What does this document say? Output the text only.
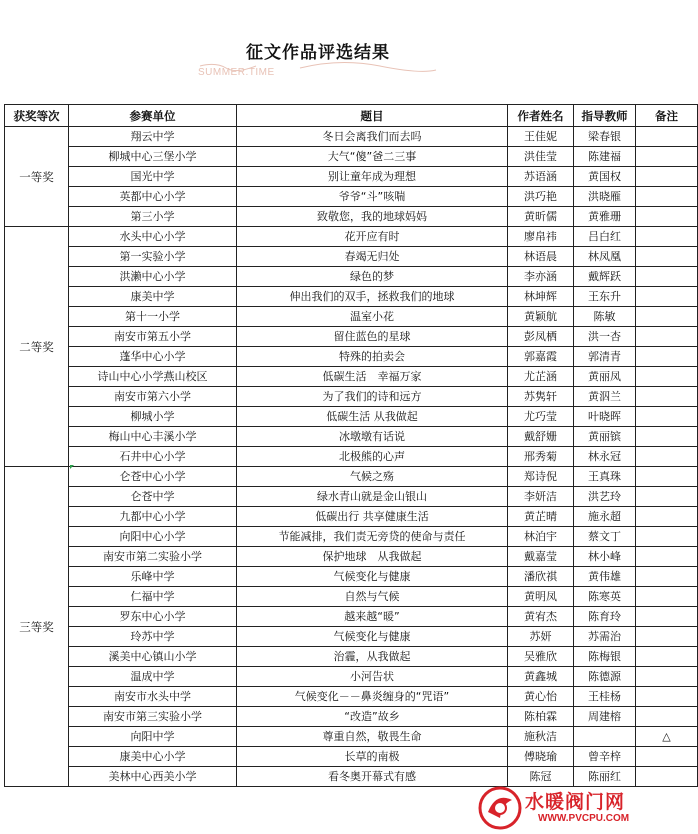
征文作品评选结果
SUMMER.TIME
获奖等次	参赛单位	题目	作者姓名	指导教师	备注
一等奖	翔云中学	冬日会离我们而去吗	王佳妮	梁春银	
	柳城中心三堡小学	大气“傻”爸二三事	洪佳莹	陈建福	
	国光中学	别让童年成为理想	苏语涵	黄国权	
	英都中心小学	爷爷“斗”咳喘	洪巧艳	洪晓雁	
	第三小学	致敬您，我的地球妈妈	黄昕儒	黄雅珊	
二等奖	水头中心小学	花开应有时	廖帛祎	吕白红	
	第一实验小学	春竭无归处	林语晨	林凤凰	
	洪濑中心小学	绿色的梦	李亦涵	戴辉跃	
	康美中学	伸出我们的双手，拯救我们的地球	林坤辉	王东升	
	第十一小学	温室小花	黄颖航	陈敏	
	南安市第五小学	留住蓝色的星球	彭凤栖	洪一杏	
	蓬华中心小学	特殊的拍卖会	郭嘉霞	郭清青	
	诗山中心小学燕山校区	低碳生活　幸福万家	尤芷涵	黄丽凤	
	南安市第六小学	为了我们的诗和远方	苏隽轩	黄泅兰	
	柳城小学	低碳生活 从我做起	尤巧莹	叶晓晖	
	梅山中心丰溪小学	冰墩墩有话说	戴舒姗	黄丽镔	
	石井中心小学	北极熊的心声	邢秀菊	林永冠	
三等奖	仑苍中心小学	气候之殇	郑诗倪	王真珠	
	仑苍中学	绿水青山就是金山银山	李妍洁	洪艺玲	
	九都中心小学	低碳出行 共享健康生活	黄芷晴	施永超	
	向阳中心小学	节能减排，我们责无旁贷的使命与责任	林泊宇	蔡文丁	
	南安市第二实验小学	保护地球　从我做起	戴嘉莹	林小峰	
	乐峰中学	气候变化与健康	潘欣祺	黄伟雄	
	仁福中学	自然与气候	黄明凤	陈寒英	
	罗东中心小学	越来越“暖”	黄宥杰	陈育玲	
	玲苏中学	气候变化与健康	苏妍	苏需治	
	溪美中心镇山小学	治霾，从我做起	吴雅欣	陈梅银	
	温成中学	小河告状	黄鑫城	陈德源	
	南安市水头中学	气候变化－－鼻炎缠身的“咒语”	黄心怡	王桂杨	
	南安市第三实验小学	“改造”故乡	陈柏霖	周建榕	
	向阳中学	尊重自然，敬畏生命	施秋洁		△
	康美中心小学	长草的南极	傅晓瑜	曾辛梓	
	美林中心西美小学	看冬奥开幕式有感	陈冠	陈丽红	
水暖阀门网
WWW.PVCPU.COM
